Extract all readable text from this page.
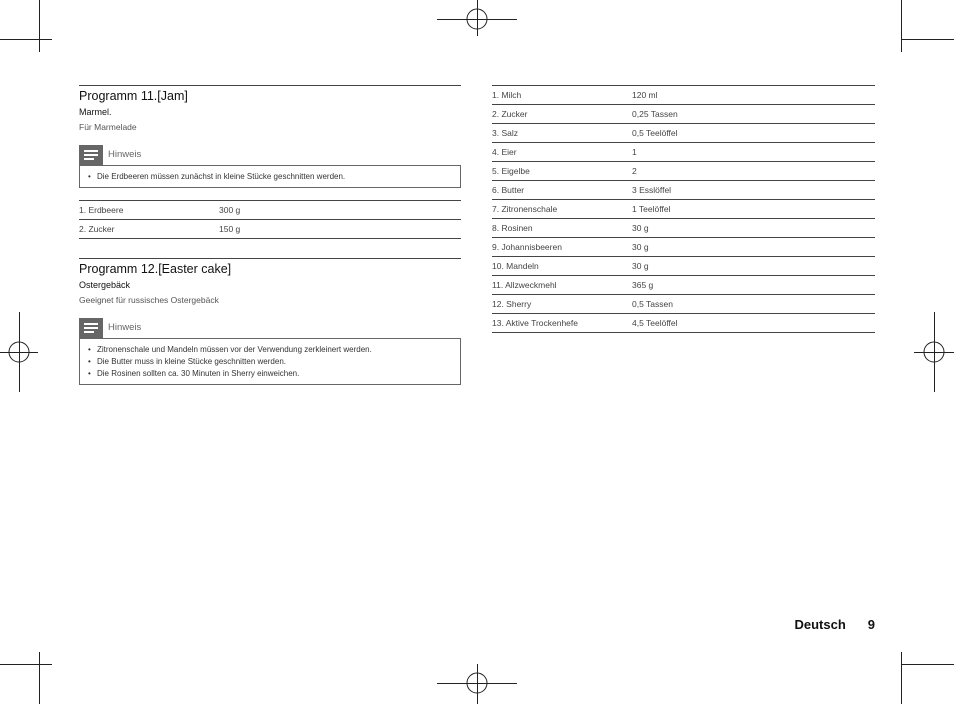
Programm 11.[Jam]
Marmel.
Für Marmelade
Hinweis
• Die Erdbeeren müssen zunächst in kleine Stücke geschnitten werden.
1. Erdbeere	300 g
2. Zucker	150 g
Programm 12.[Easter cake]
Ostergebäck
Geeignet für russisches Ostergebäck
Hinweis
• Zitronenschale und Mandeln müssen vor der Verwendung zerkleinert werden.
• Die Butter muss in kleine Stücke geschnitten werden.
• Die Rosinen sollten ca. 30 Minuten in Sherry einweichen.
1. Milch	120 ml
2. Zucker	0,25 Tassen
3. Salz	0,5 Teelöffel
4. Eier	1
5. Eigelbe	2
6. Butter	3 Esslöffel
7. Zitronenschale	1 Teelöffel
8. Rosinen	30 g
9. Johannisbeeren	30 g
10. Mandeln	30 g
11. Allzweckmehl	365 g
12. Sherry	0,5 Tassen
13. Aktive Trockenhefe	4,5 Teelöffel
Deutsch 9
